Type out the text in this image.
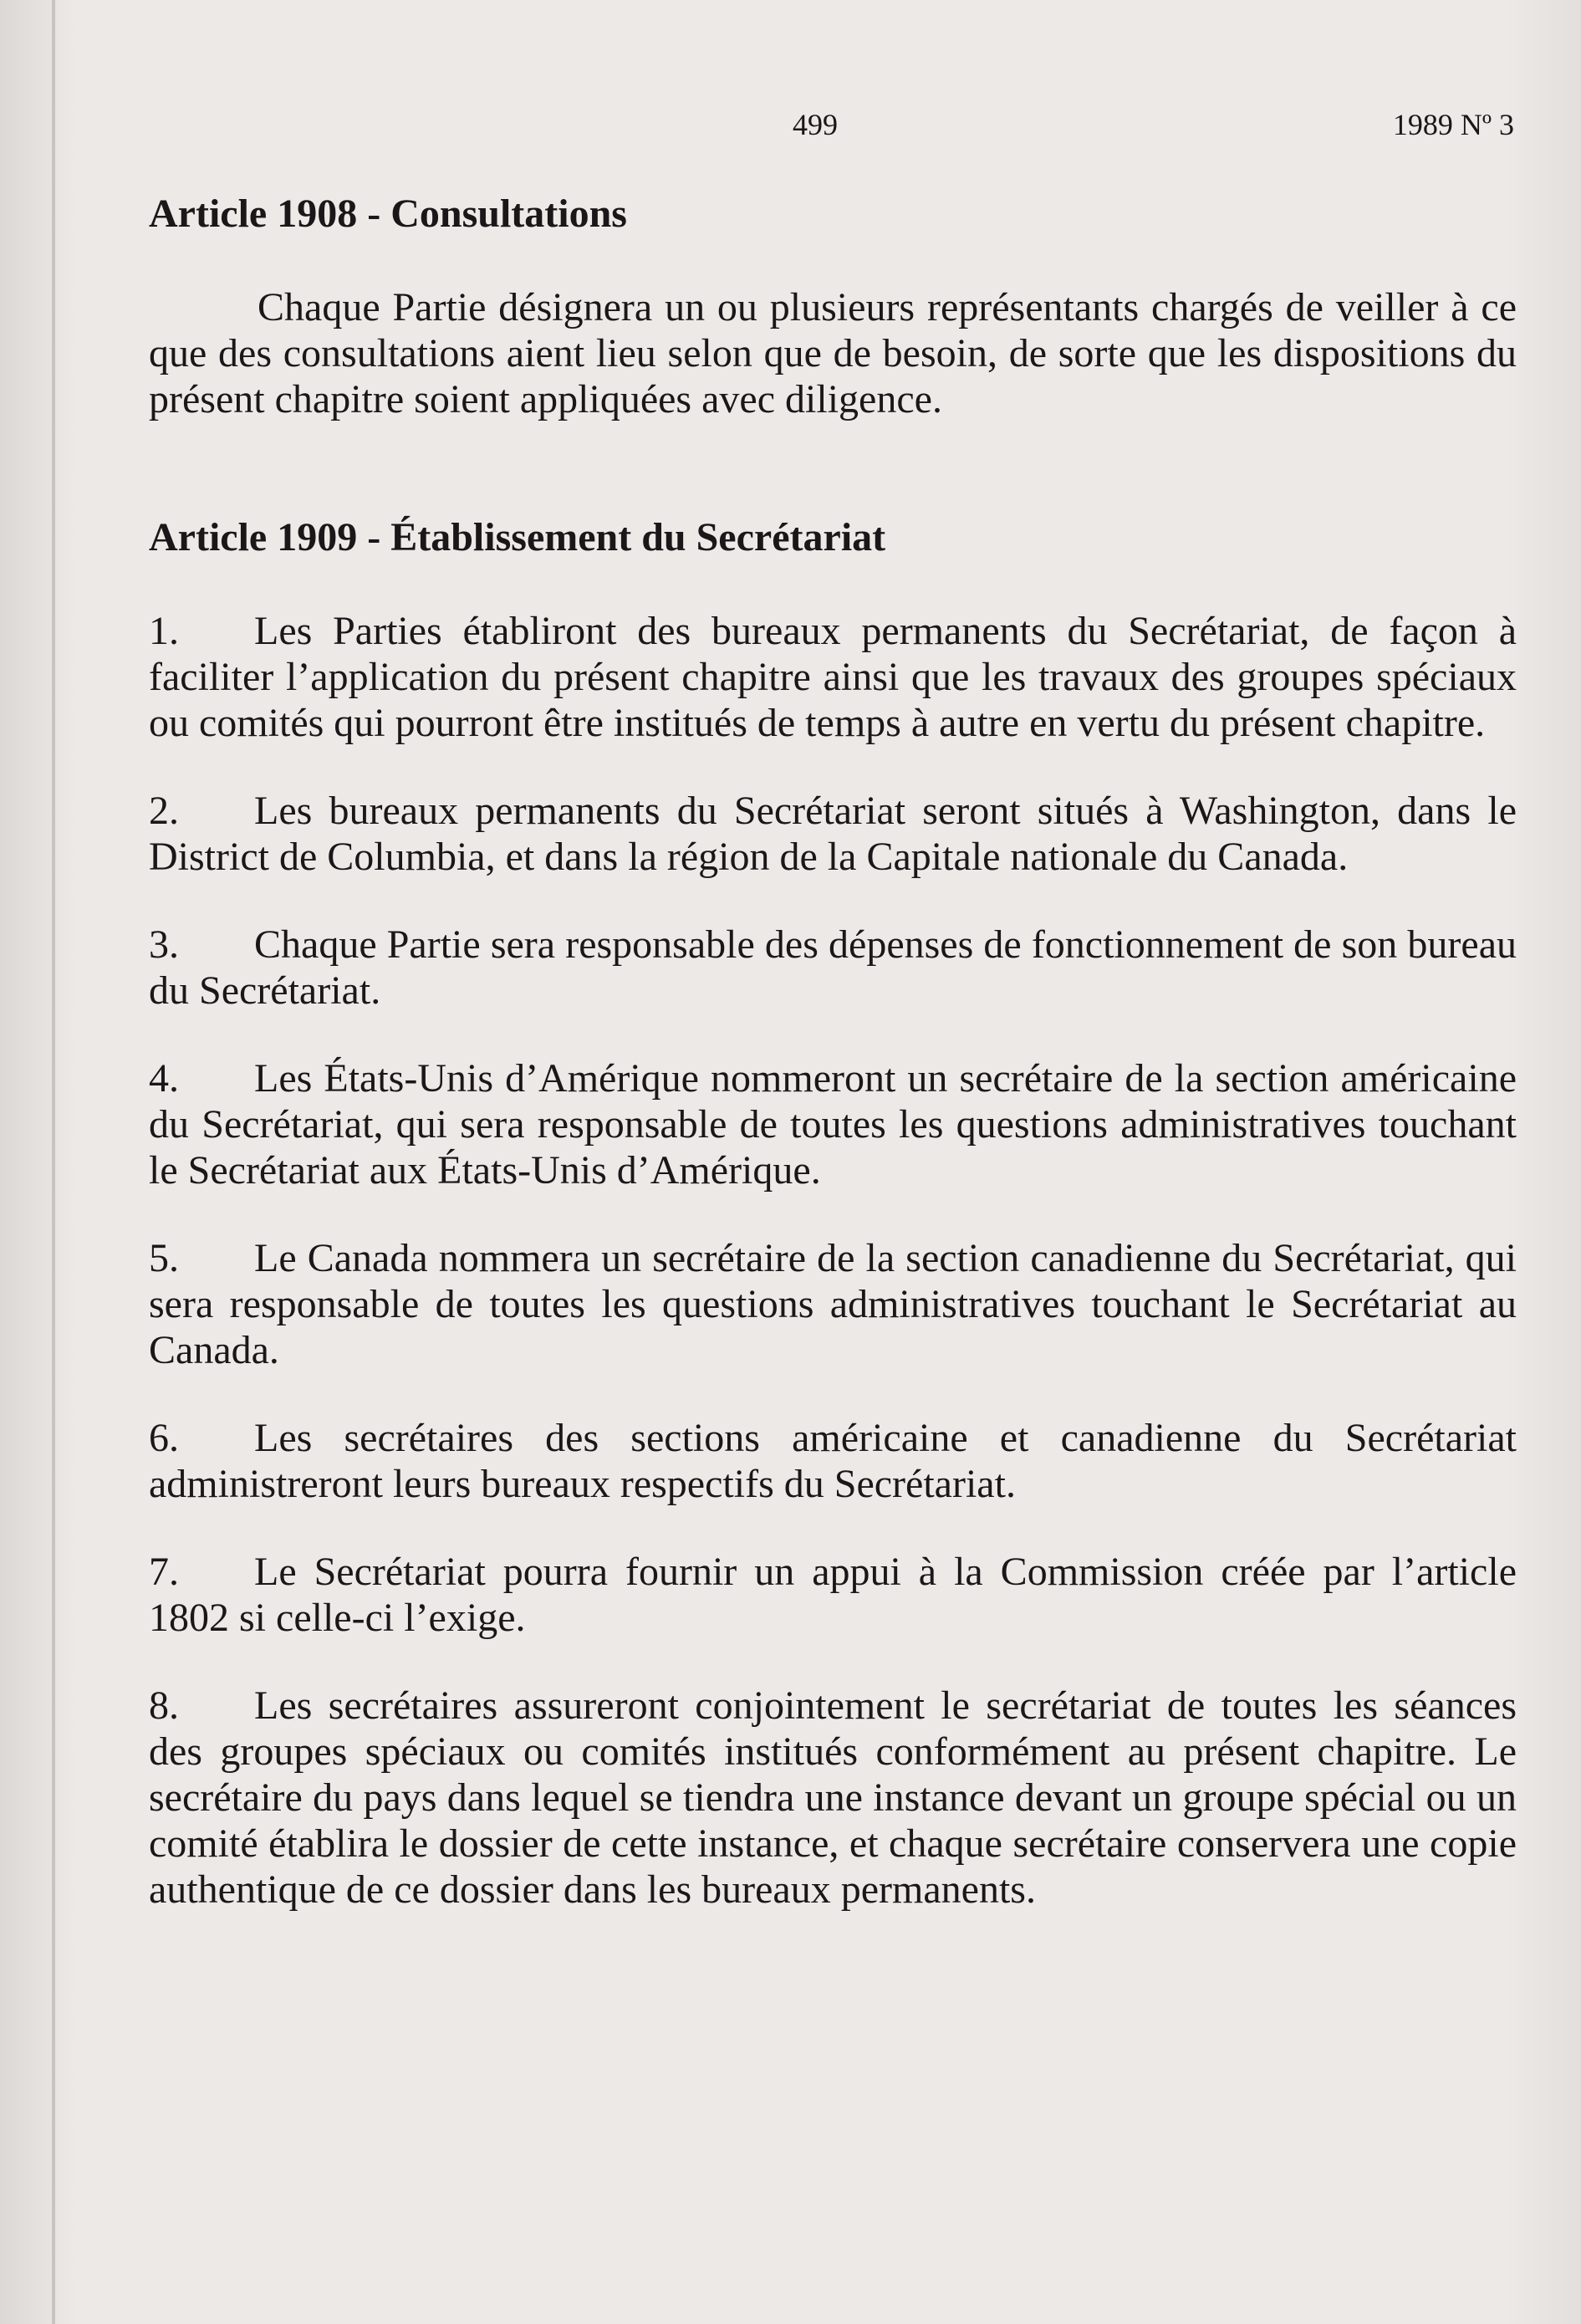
499	1989 Nº 3
Article 1908 - Consultations

Chaque Partie désignera un ou plusieurs représentants chargés de veiller à ce que des consultations aient lieu selon que de besoin, de sorte que les dispositions du présent chapitre soient appliquées avec diligence.

Article 1909 - Établissement du Secrétariat

1. Les Parties établiront des bureaux permanents du Secrétariat, de façon à faciliter l’application du présent chapitre ainsi que les travaux des groupes spéciaux ou comités qui pourront être institués de temps à autre en vertu du présent chapitre.

2. Les bureaux permanents du Secrétariat seront situés à Washington, dans le District de Columbia, et dans la région de la Capitale nationale du Canada.

3. Chaque Partie sera responsable des dépenses de fonctionnement de son bureau du Secrétariat.

4. Les États-Unis d’Amérique nommeront un secrétaire de la section américaine du Secrétariat, qui sera responsable de toutes les questions administratives touchant le Secrétariat aux États-Unis d’Amérique.

5. Le Canada nommera un secrétaire de la section canadienne du Secrétariat, qui sera responsable de toutes les questions administratives touchant le Secrétariat au Canada.

6. Les secrétaires des sections américaine et canadienne du Secrétariat administreront leurs bureaux respectifs du Secrétariat.

7. Le Secrétariat pourra fournir un appui à la Commission créée par l’article 1802 si celle-ci l’exige.

8. Les secrétaires assureront conjointement le secrétariat de toutes les séances des groupes spéciaux ou comités institués conformément au présent chapitre. Le secrétaire du pays dans lequel se tiendra une instance devant un groupe spécial ou un comité établira le dossier de cette instance, et chaque secrétaire conservera une copie authentique de ce dossier dans les bureaux permanents.
